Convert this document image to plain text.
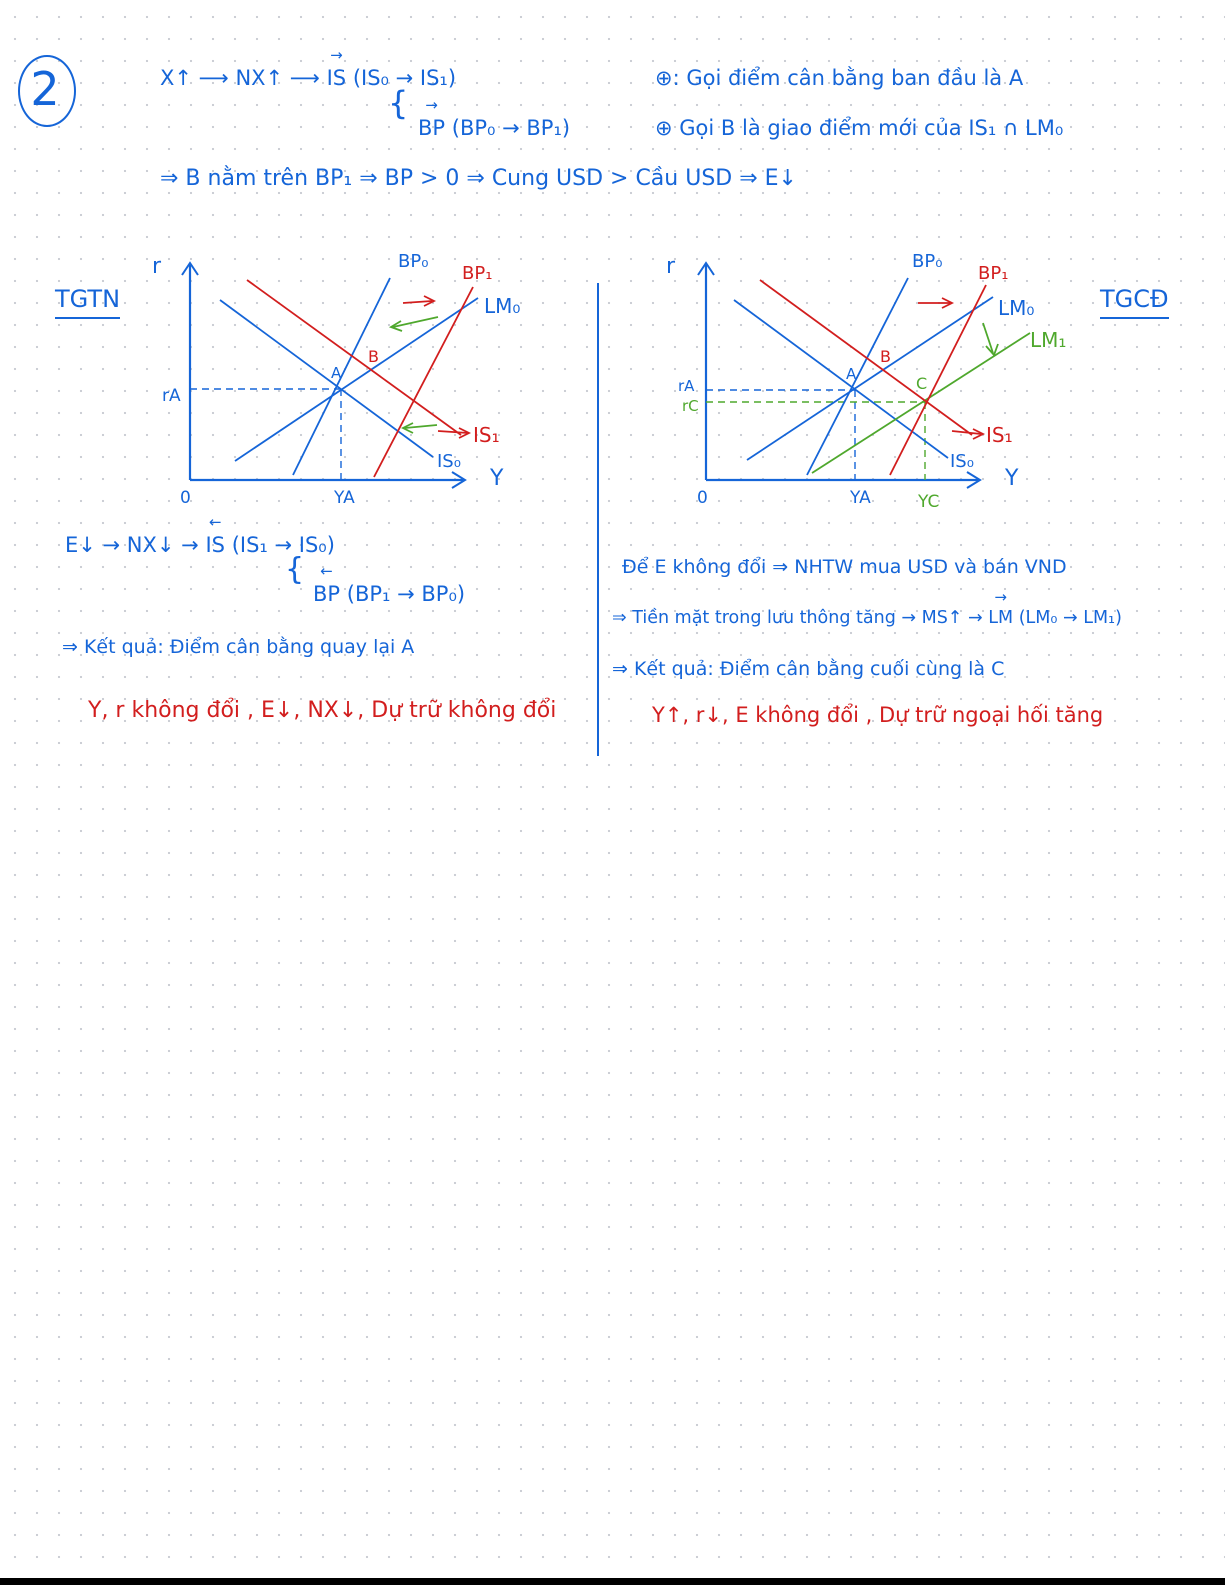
2	X↑ ⟶ NX↑ ⟶ → IS (IS₀ → IS₁)
{
→ BP (BP₀ → BP₁)
⊕: Gọi điểm cân bằng ban đầu là A
⊕ Gọi B là giao điểm mới của IS₁ ∩ LM₀
⇒ B nằm trên BP₁ ⇒ BP > 0 ⇒ Cung USD > Cầu USD ⇒ E↓
TGTN	TGCĐ
r
Y
0
rA
YA
BP₀
BP₁
LM₀
IS₁
IS₀
A
B
r
Y
0
rA
rC
YA	YC
BP₀
BP₁
LM₀
LM₁
IS₁
IS₀
A
B
C
E↓ → NX↓ → ← IS (IS₁ → IS₀)
{
← BP (BP₁ → BP₀)
⇒ Kết quả: Điểm cân bằng quay lại A
Y, r không đổi , E↓, NX↓, Dự trữ không đổi
Để E không đổi ⇒ NHTW mua USD và bán VND
⇒ Tiền mặt trong lưu thông tăng → MS↑ → → LM (LM₀ → LM₁)
⇒ Kết quả: Điểm cân bằng cuối cùng là C
Y↑, r↓, E không đổi , Dự trữ ngoại hối tăng
